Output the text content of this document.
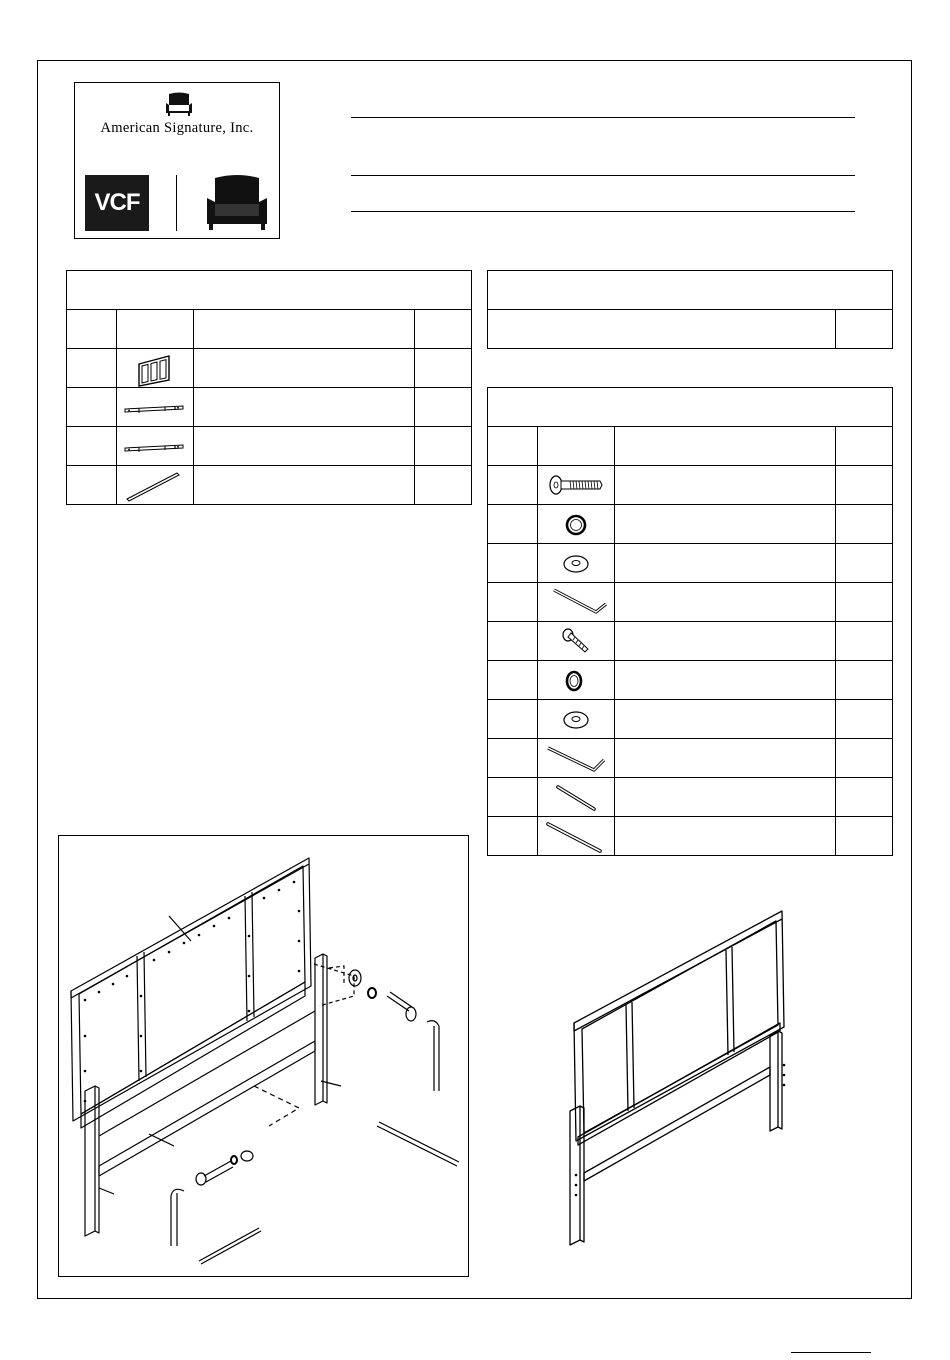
American Signature, Inc.
VCF
